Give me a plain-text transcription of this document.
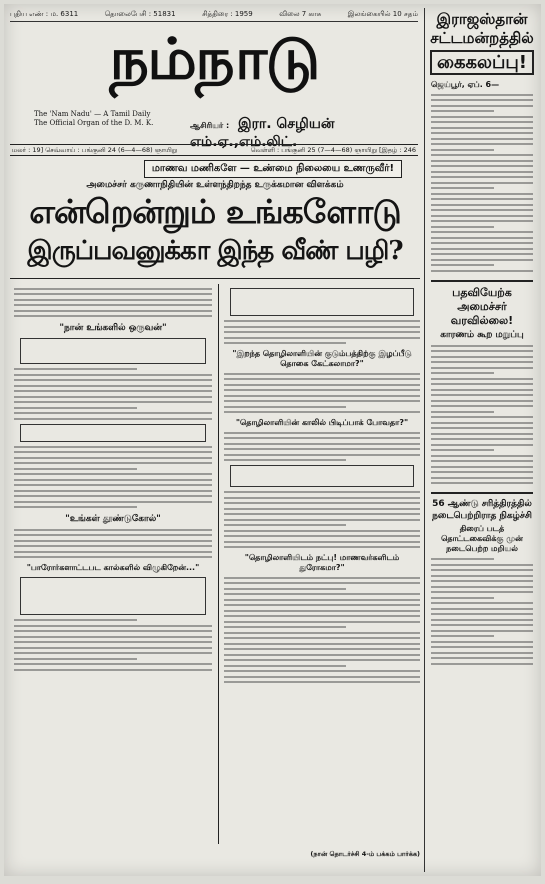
புதிய எண் : ம. 6311	தொலைபேசி : 51831	சித்திரை : 1959	விலை 7 காசு	இலங்கையில் 10 சதம்
நம்நாடு
The 'Nam Nadu' — A Tamil Daily
The Official Organ of the D. M. K.	ஆசிரியர் : இரா. செழியன் எம்.ஏ.,எம்.லிட்.
மலர் : 19] செவ்வாய் : பங்குனி 24 (6—4—68) ஞாயிறு	வெள்ளி : பங்குனி 25 (7—4—68) ஞாயிறு [இதழ் : 246
மாணவ மணிகளே — உண்மை நிலையை உணருவீர்!
அமைச்சர் கருணாநிதியின் உள்ளந்திறந்த உருக்கமான விளக்கம்
என்றென்றும் உங்களோடு
இருப்பவனுக்கா இந்த வீண் பழி?
"நான் உங்களில் ஒருவன்"
"உங்கள் தூண்டுகோல்"
"பாரோர்களாட்டபட கால்களில் விழுகிறேன்..."
"இறந்த தொழிலாளியின் குடும்பத்திற்கு இழப்பீடு தொகை கேட்கலாமா?"
"தொழிலாளியின் காலில் பிடிப்பாக் போவதா?"
"தொழிலாளியிடம் நட்பு! மாணவர்களிடம் துரோகமா?"
(நான் தொடர்ச்சி 4-ம் பக்கம் பார்க்க)
இராஜஸ்தான்
சட்டமன்றத்தில்
கைகலப்பு!
ஜெய்பூர், ஏப். 6—
பதவியேற்க அமைச்சர் வரவில்லை!
காரணம் கூற மறுப்பு
56 ஆண்டு சரித்திரத்தில் நடைபெற்றிராத நிகழ்ச்சி
திரைப் படத் தொட்டகைவிக்கு முன் நடைபெற்ற மறியல்
